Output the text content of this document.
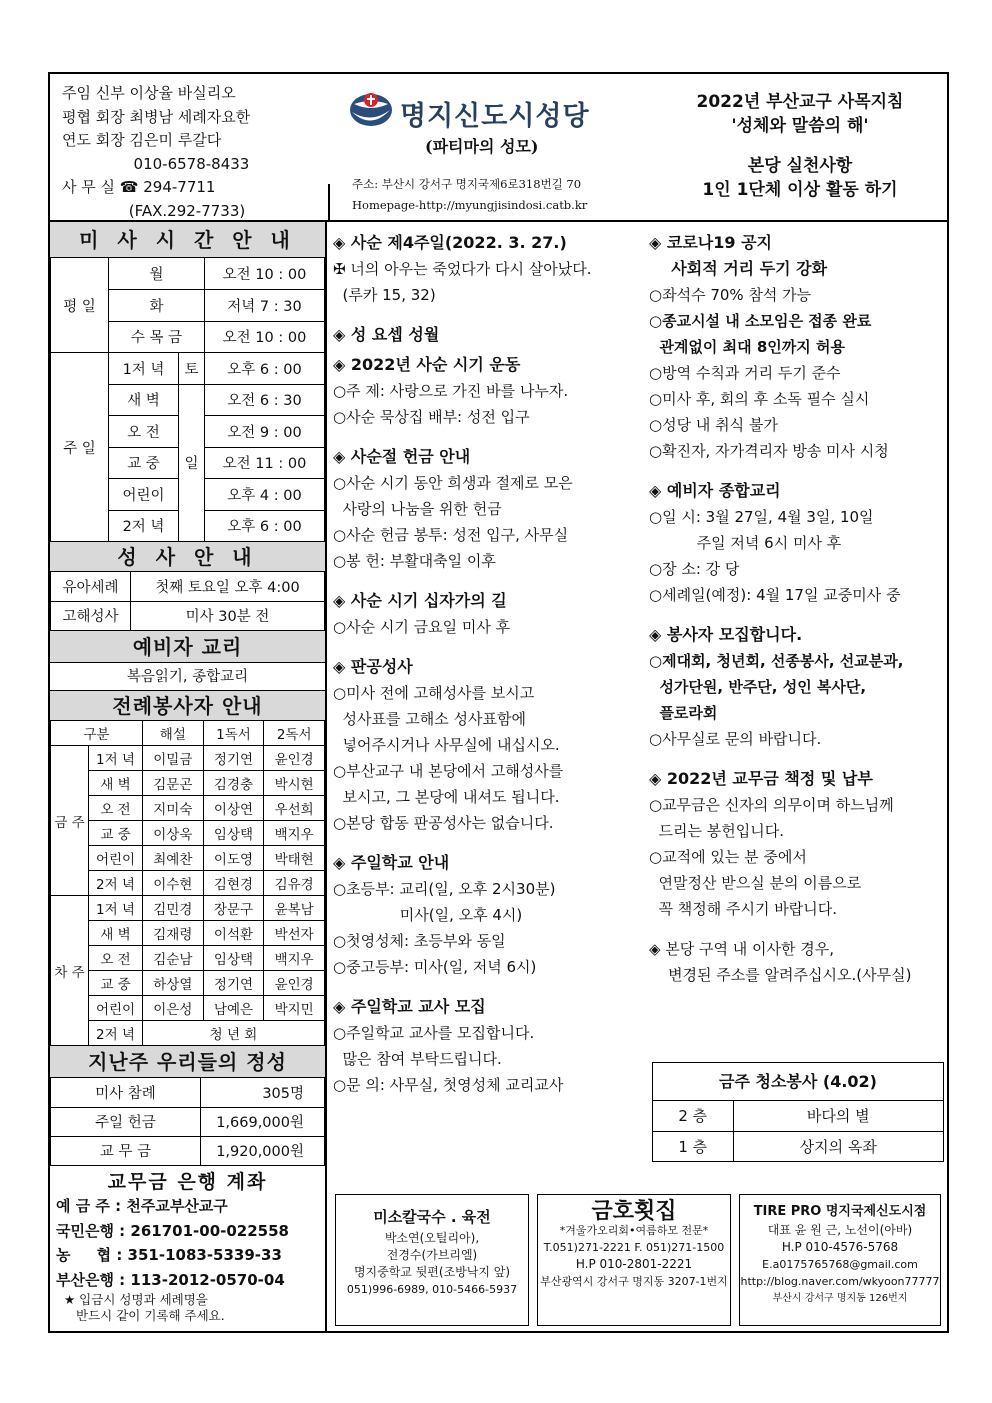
주임 신부 이상율 바실리오
평협 회장 최병남 세례자요한
연도 회장 김은미 루갈다
010-6578-8433
사 무 실 ☎ 294-7711
(FAX.292-7733)
명지신도시성당
(파티마의 성모)
주소: 부산시 강서구 명지국제6로318번길 70
Homepage-http://myungjisindosi.catb.kr
2022년 부산교구 사목지침
'성체와 말씀의 해'
본당 실천사항
1인 1단체 이상 활동 하기
미 사 시 간 안 내
평 일	월		오전 10 : 00
	화		저녁 7 : 30
	수 목 금		오전 10 : 00
주 일	1저 녁	토	오후 6 : 00
	새 벽	일	오전 6 : 30
	오 전		오전 9 : 00
	교 중		오전 11 : 00
	어린이		오후 4 : 00
	2저 녁		오후 6 : 00
성 사 안 내
유아세례	첫째 토요일 오후 4:00
고해성사	미사 30분 전
예비자 교리
복음읽기, 종합교리
전례봉사자 안내
구분		해설	1독서	2독서
금 주	1저 녁	이밀금	정기연	윤인경
	새 벽	김문곤	김경충	박시현
	오 전	지미숙	이상연	우선희
	교 중	이상욱	임상택	백지우
	어린이	최예찬	이도영	박태현
	2저 녁	이수현	김현경	김유경
차 주	1저 녁	김민경	장문구	윤복남
	새 벽	김재령	이석환	박선자
	오 전	김순남	임상택	백지우
	교 중	하상열	정기연	윤인경
	어린이	이은성	남예은	박지민
	2저 녁	청 년 회		
지난주 우리들의 정성
미사 참례	305명
주일 헌금	1,669,000원
교 무 금	1,920,000원
교무금 은행 계좌
예 금 주 : 천주교부산교구
국민은행 : 261701-00-022558
농     협 : 351-1083-5339-33
부산은행 : 113-2012-0570-04
★ 입금시 성명과 세례명을
반드시 같이 기록해 주세요.
◈ 사순 제4주일(2022. 3. 27.)
✠ 너의 아우는 죽었다가 다시 살아났다.
(루카 15, 32)
◈ 성 요셉 성월
◈ 2022년 사순 시기 운동
○주 제: 사랑으로 가진 바를 나누자.
○사순 묵상집 배부: 성전 입구
◈ 사순절 헌금 안내
○사순 시기 동안 희생과 절제로 모은
사랑의 나눔을 위한 헌금
○사순 헌금 봉투: 성전 입구, 사무실
○봉 헌: 부활대축일 이후
◈ 사순 시기 십자가의 길
○사순 시기 금요일 미사 후
◈ 판공성사
○미사 전에 고해성사를 보시고
성사표를 고해소 성사표함에
넣어주시거나 사무실에 내십시오.
○부산교구 내 본당에서 고해성사를
보시고, 그 본당에 내셔도 됩니다.
○본당 합동 판공성사는 없습니다.
◈ 주일학교 안내
○초등부: 교리(일, 오후 2시30분)
미사(일, 오후 4시)
○첫영성체: 초등부와 동일
○중고등부: 미사(일, 저녁 6시)
◈ 주일학교 교사 모집
○주일학교 교사를 모집합니다.
많은 참여 부탁드립니다.
○문 의: 사무실, 첫영성체 교리교사
◈ 코로나19 공지
사회적 거리 두기 강화
○좌석수 70% 참석 가능
○종교시설 내 소모임은 접종 완료
관계없이 최대 8인까지 허용
○방역 수칙과 거리 두기 준수
○미사 후, 회의 후 소독 필수 실시
○성당 내 취식 불가
○확진자, 자가격리자 방송 미사 시청
◈ 예비자 종합교리
○일 시: 3월 27일, 4월 3일, 10일
주일 저녁 6시 미사 후
○장 소: 강 당
○세례일(예정): 4월 17일 교중미사 중
◈ 봉사자 모집합니다.
○제대회, 청년회, 선종봉사, 선교분과,
성가단원, 반주단, 성인 복사단,
플로라회
○사무실로 문의 바랍니다.
◈ 2022년 교무금 책정 및 납부
○교무금은 신자의 의무이며 하느님께
드리는 봉헌입니다.
○교적에 있는 분 중에서
연말정산 받으실 분의 이름으로
꼭 책정해 주시기 바랍니다.
◈ 본당 구역 내 이사한 경우,
변경된 주소를 알려주십시오.(사무실)
금주 청소봉사 (4.02)
2 층	바다의 별
1 층	상지의 옥좌
미소칼국수 . 육전
박소연(오틸리아),
전경수(가브리엘)
명지중학교 뒷편(조방낙지 앞)
051)996-6989, 010-5466-5937
금호횟집
*겨울가오리회•여름하모 전문*
T.051)271-2221 F. 051)271-1500
H.P 010-2801-2221
부산광역시 강서구 명지동 3207-1번지
TIRE PRO 명지국제신도시점
대표 윤 원 근, 노선이(아바)
H.P 010-4576-5768
E.a0175765768@gmail.com
http://blog.naver.com/wkyoon77777
부산시 강서구 명지동 126번지
